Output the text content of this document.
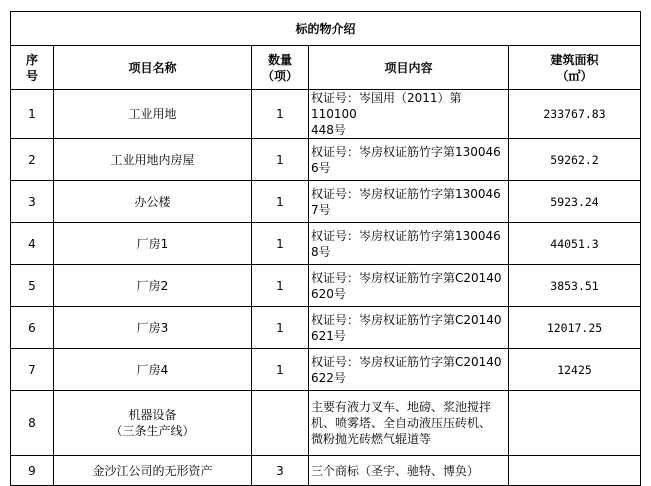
标的物介绍				

序
号	项目名称	数量
（项）	项目内容	建筑面积
（㎡）

1	工业用地	1	权证号：岑国用（2011）第110100
448号	233767.83
2	工业用地内房屋	1	权证号：岑房权证筋竹字第130046
6号	59262.2
3	办公楼	1	权证号：岑房权证筋竹字第130046
7号	5923.24
4	厂房1	1	权证号：岑房权证筋竹字第130046
8号	44051.3
5	厂房2	1	权证号：岑房权证筋竹字第C20140
620号	3853.51
6	厂房3	1	权证号：岑房权证筋竹字第C20140
621号	12017.25
7	厂房4	1	权证号：岑房权证筋竹字第C20140
622号	12425
8	机器设备
（三条生产线）		主要有液力叉车、地磅、浆池搅拌
机、喷雾塔、全自动液压压砖机、
微粉抛光砖燃气辊道等	

9	金沙江公司的无形资产	3	三个商标（圣宇、驰特、博奂）	
